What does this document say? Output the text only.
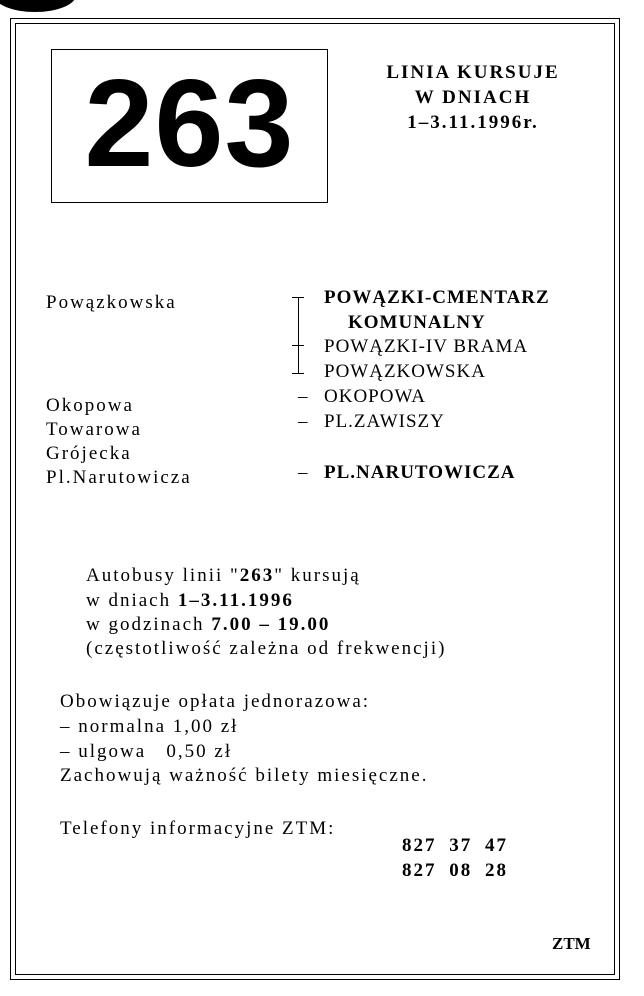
263	LINIA KURSUJE
W DNIACH
1–3.11.1996r.
Powązkowska
Okopowa
Towarowa
Grójecka
Pl.Narutowicza
POWĄZKI-CMENTARZ
KOMUNALNY
POWĄZKI-IV BRAMA
POWĄZKOWSKA
– OKOPOWA
– PL.ZAWISZY
– PL.NARUTOWICZA
Autobusy linii "263" kursują
w dniach 1–3.11.1996
w godzinach 7.00 – 19.00
(częstotliwość zależna od frekwencji)
Obowiązuje opłata jednorazowa:
– normalna 1,00 zł
– ulgowa   0,50 zł
Zachowują ważność bilety miesięczne.
Telefony informacyjne ZTM:
827 37 47
827 08 28
ZTM
